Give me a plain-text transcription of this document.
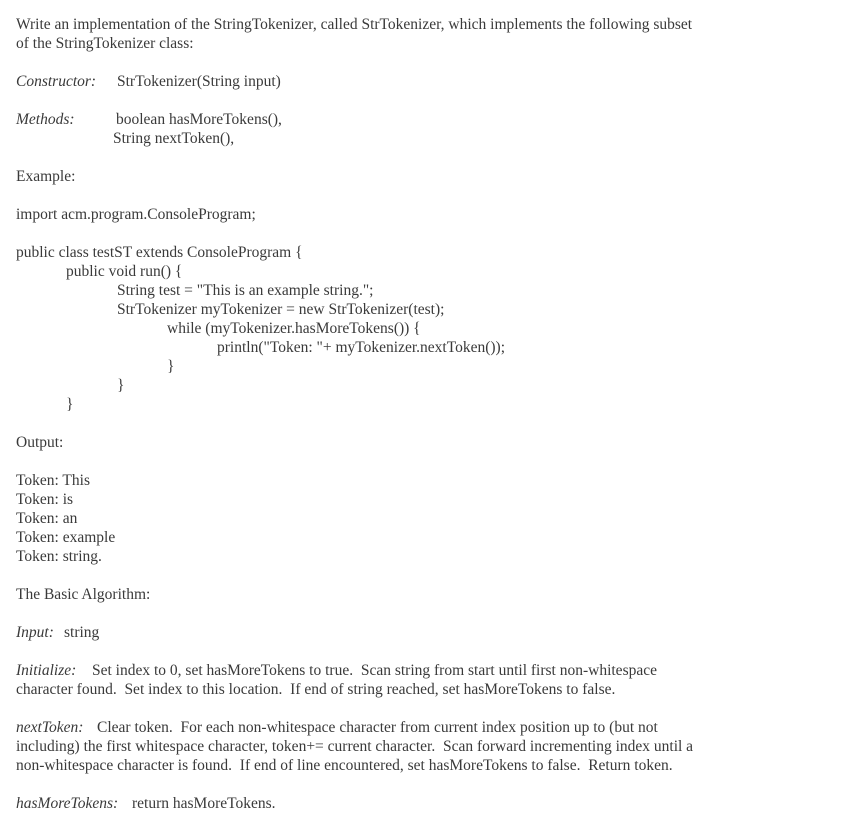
Write an implementation of the StringTokenizer, called StrTokenizer, which implements the following subset
of the StringTokenizer class:
Constructor: StrTokenizer(String input)
Methods:	boolean hasMoreTokens(),
String nextToken(),
Example:
import acm.program.ConsoleProgram;
public class testST extends ConsoleProgram {
public void run() {
String test = "This is an example string.";
StrTokenizer myTokenizer = new StrTokenizer(test);
while (myTokenizer.hasMoreTokens()) {
println("Token: "+ myTokenizer.nextToken());
}
}
}
Output:
Token: This
Token: is
Token: an
Token: example
Token: string.
The Basic Algorithm:
Input: string
Initialize: Set index to 0, set hasMoreTokens to true.  Scan string from start until first non-whitespace
character found.  Set index to this location.  If end of string reached, set hasMoreTokens to false.
nextToken: Clear token.  For each non-whitespace character from current index position up to (but not
including) the first whitespace character, token+= current character.  Scan forward incrementing index until a
non-whitespace character is found.  If end of line encountered, set hasMoreTokens to false.  Return token.
hasMoreTokens: return hasMoreTokens.
